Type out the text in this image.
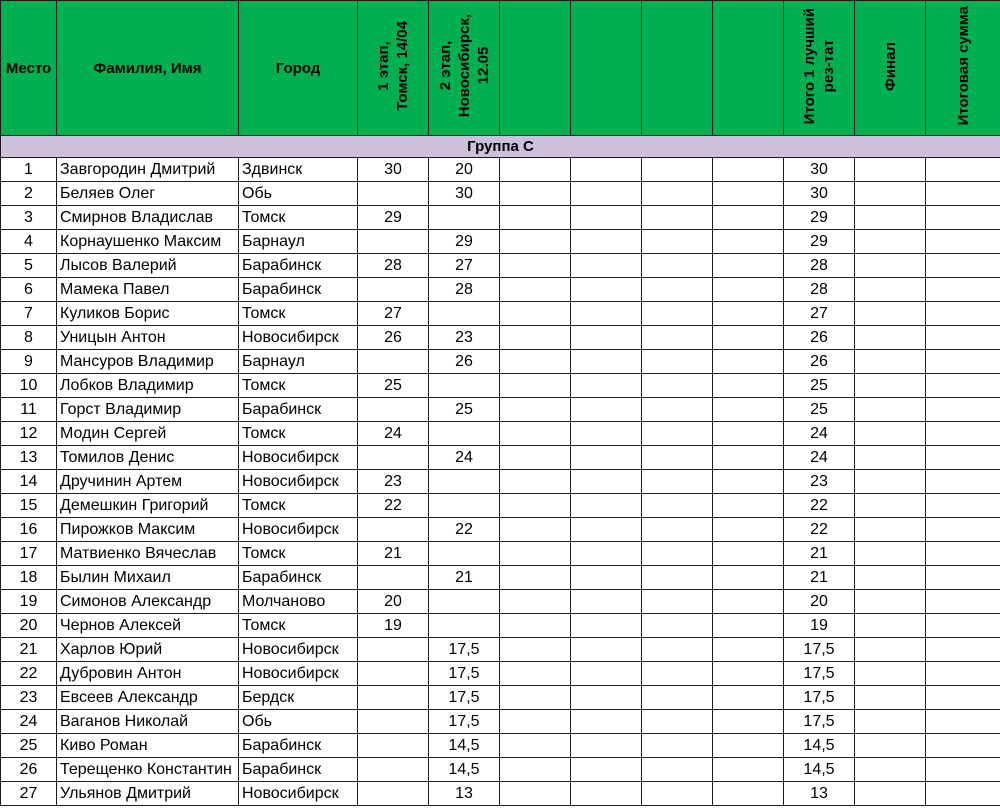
Место	Фамилия, Имя	Город	1 этап, Томск, 14/04	2 этап, Новосибирск, 12.05					Итого 1 лучший рез-тат	Финал	Итоговая сумма
Группа С											
1	Завгородин Дмитрий	Здвинск	30	20					30		
2	Беляев Олег	Обь		30					30		
3	Смирнов Владислав	Томск	29						29		
4	Корнаушенко Максим	Барнаул		29					29		
5	Лысов Валерий	Барабинск	28	27					28		
6	Мамека Павел	Барабинск		28					28		
7	Куликов Борис	Томск	27						27		
8	Уницын Антон	Новосибирск	26	23					26		
9	Мансуров Владимир	Барнаул		26					26		
10	Лобков Владимир	Томск	25						25		
11	Горст Владимир	Барабинск		25					25		
12	Модин Сергей	Томск	24						24		
13	Томилов Денис	Новосибирск		24					24		
14	Дручинин Артем	Новосибирск	23						23		
15	Демешкин Григорий	Томск	22						22		
16	Пирожков Максим	Новосибирск		22					22		
17	Матвиенко Вячеслав	Томск	21						21		
18	Былин Михаил	Барабинск		21					21		
19	Симонов Александр	Молчаново	20						20		
20	Чернов Алексей	Томск	19						19		
21	Харлов Юрий	Новосибирск		17,5					17,5		
22	Дубровин Антон	Новосибирск		17,5					17,5		
23	Евсеев Александр	Бердск		17,5					17,5		
24	Ваганов Николай	Обь		17,5					17,5		
25	Киво Роман	Барабинск		14,5					14,5		
26	Терещенко Константин	Барабинск		14,5					14,5		
27	Ульянов Дмитрий	Новосибирск		13					13		
